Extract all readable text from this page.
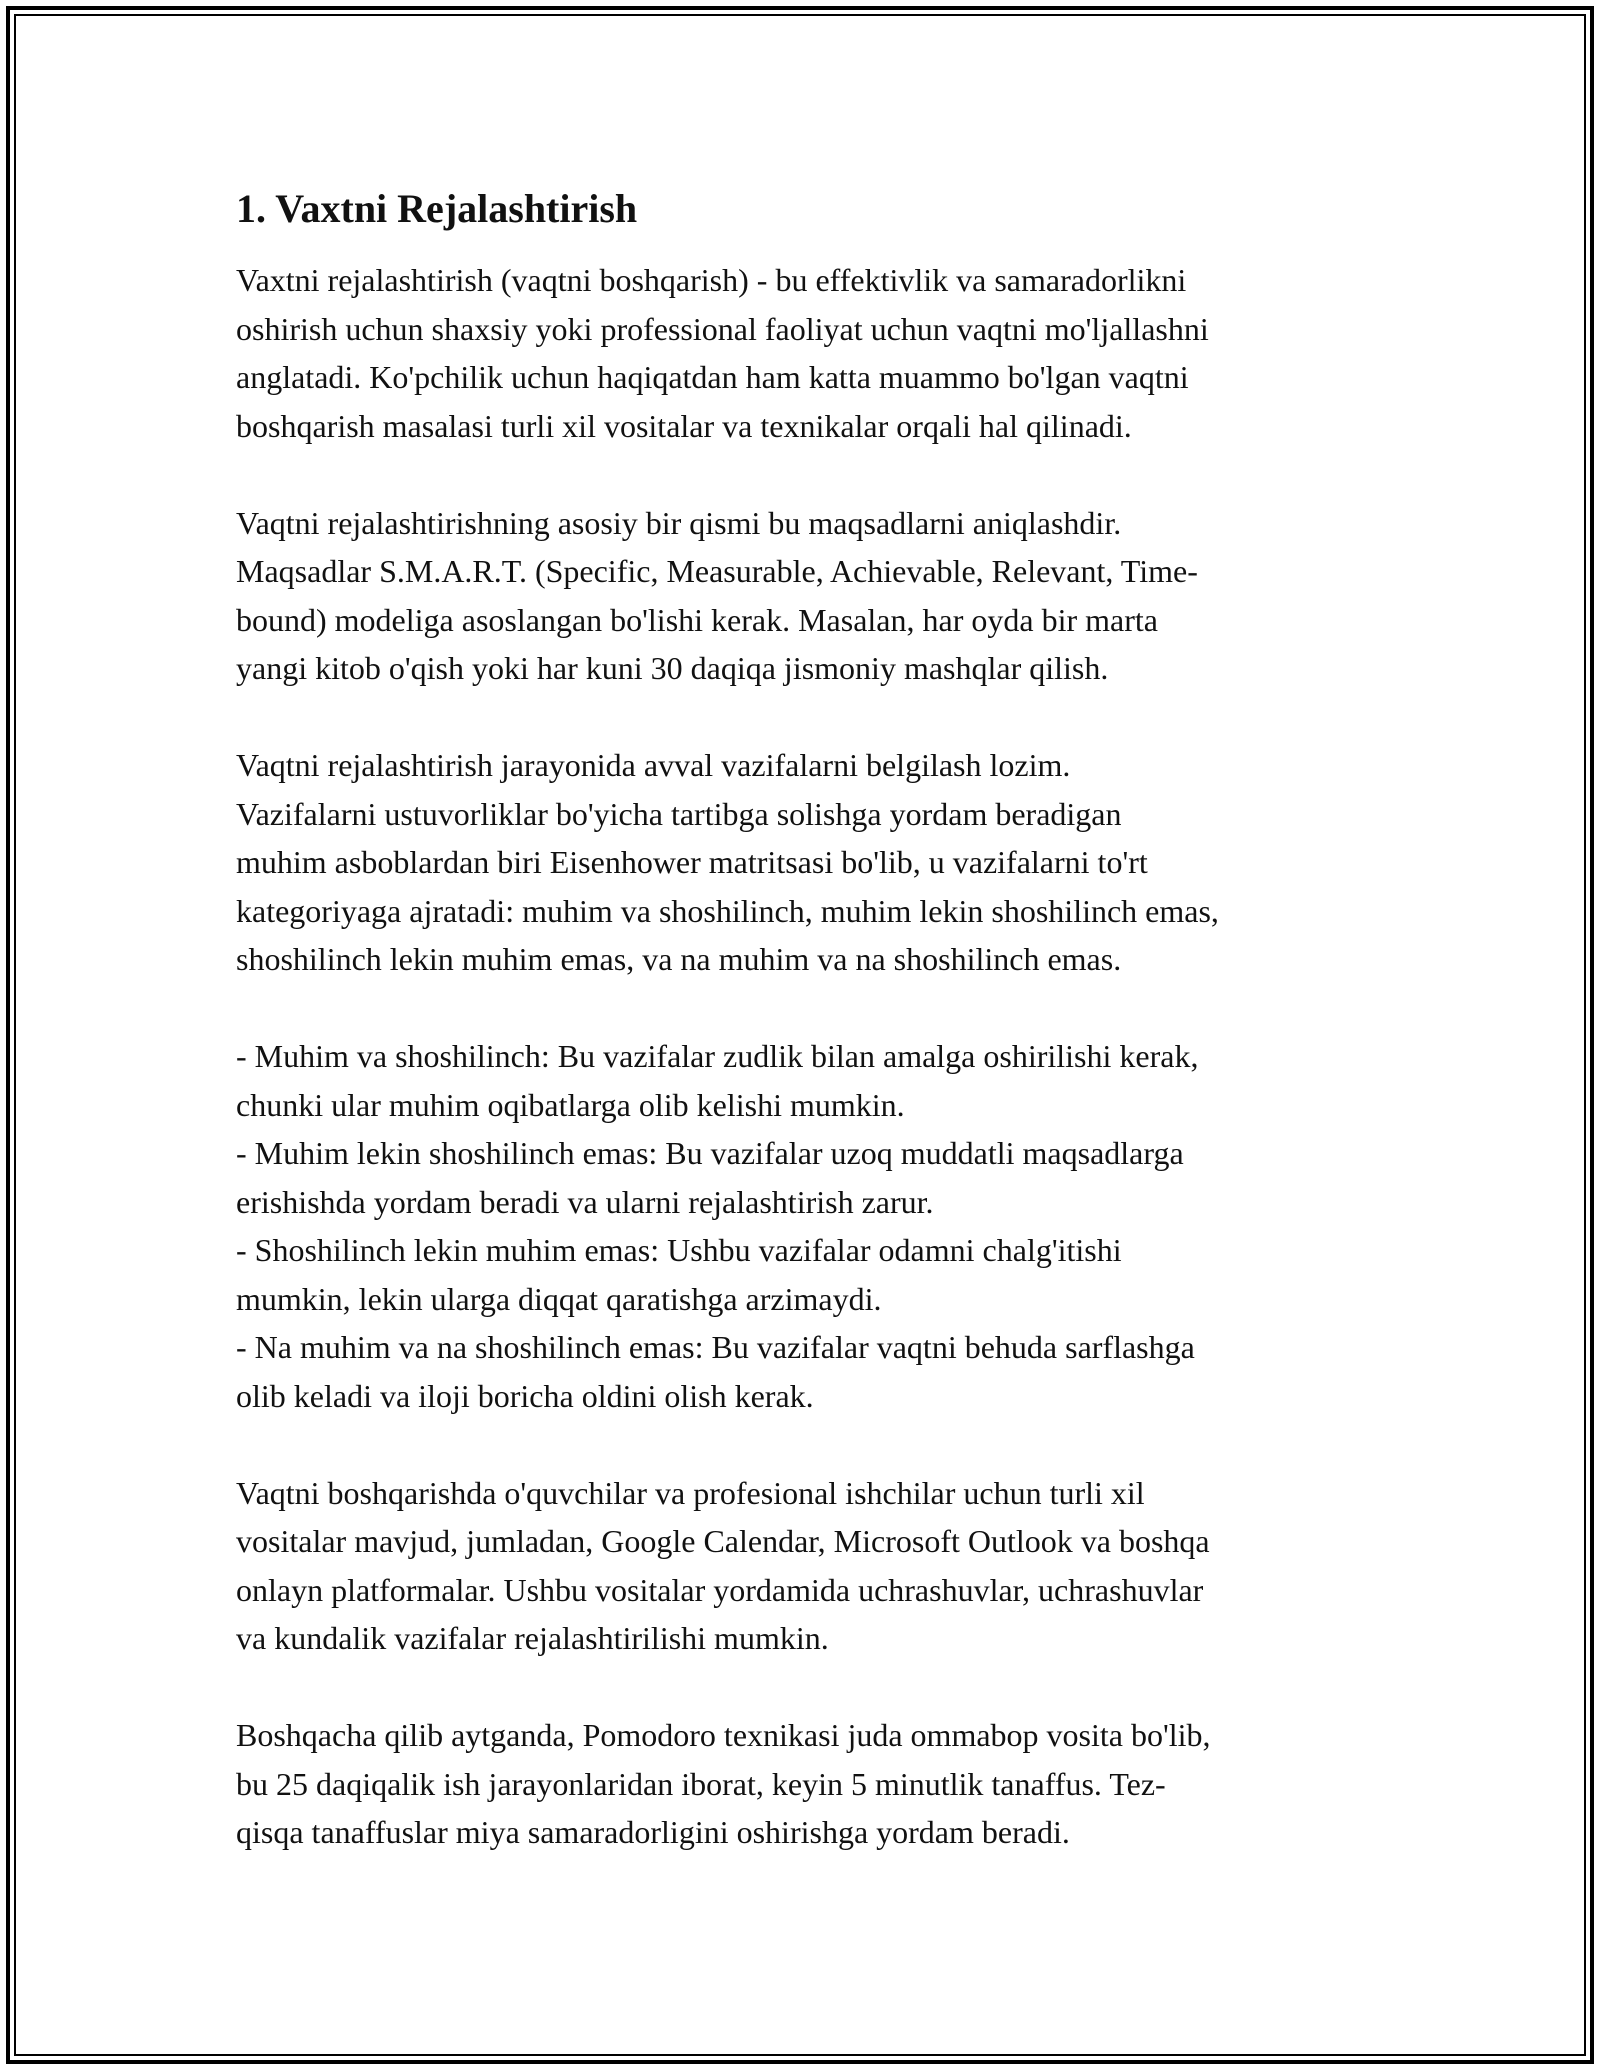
1. Vaxtni Rejalashtirish

Vaxtni rejalashtirish (vaqtni boshqarish) - bu effektivlik va samaradorlikni
oshirish uchun shaxsiy yoki professional faoliyat uchun vaqtni mo'ljallashni
anglatadi. Ko'pchilik uchun haqiqatdan ham katta muammo bo'lgan vaqtni
boshqarish masalasi turli xil vositalar va texnikalar orqali hal qilinadi.

Vaqtni rejalashtirishning asosiy bir qismi bu maqsadlarni aniqlashdir.
Maqsadlar S.M.A.R.T. (Specific, Measurable, Achievable, Relevant, Time-
bound) modeliga asoslangan bo'lishi kerak. Masalan, har oyda bir marta
yangi kitob o'qish yoki har kuni 30 daqiqa jismoniy mashqlar qilish.

Vaqtni rejalashtirish jarayonida avval vazifalarni belgilash lozim.
Vazifalarni ustuvorliklar bo'yicha tartibga solishga yordam beradigan
muhim asboblardan biri Eisenhower matritsasi bo'lib, u vazifalarni to'rt
kategoriyaga ajratadi: muhim va shoshilinch, muhim lekin shoshilinch emas,
shoshilinch lekin muhim emas, va na muhim va na shoshilinch emas.

- Muhim va shoshilinch: Bu vazifalar zudlik bilan amalga oshirilishi kerak,
chunki ular muhim oqibatlarga olib kelishi mumkin.
- Muhim lekin shoshilinch emas: Bu vazifalar uzoq muddatli maqsadlarga
erishishda yordam beradi va ularni rejalashtirish zarur.
- Shoshilinch lekin muhim emas: Ushbu vazifalar odamni chalg'itishi
mumkin, lekin ularga diqqat qaratishga arzimaydi.
- Na muhim va na shoshilinch emas: Bu vazifalar vaqtni behuda sarflashga
olib keladi va iloji boricha oldini olish kerak.

Vaqtni boshqarishda o'quvchilar va profesional ishchilar uchun turli xil
vositalar mavjud, jumladan, Google Calendar, Microsoft Outlook va boshqa
onlayn platformalar. Ushbu vositalar yordamida uchrashuvlar, uchrashuvlar
va kundalik vazifalar rejalashtirilishi mumkin.

Boshqacha qilib aytganda, Pomodoro texnikasi juda ommabop vosita bo'lib,
bu 25 daqiqalik ish jarayonlaridan iborat, keyin 5 minutlik tanaffus. Tez-
qisqa tanaffuslar miya samaradorligini oshirishga yordam beradi.
